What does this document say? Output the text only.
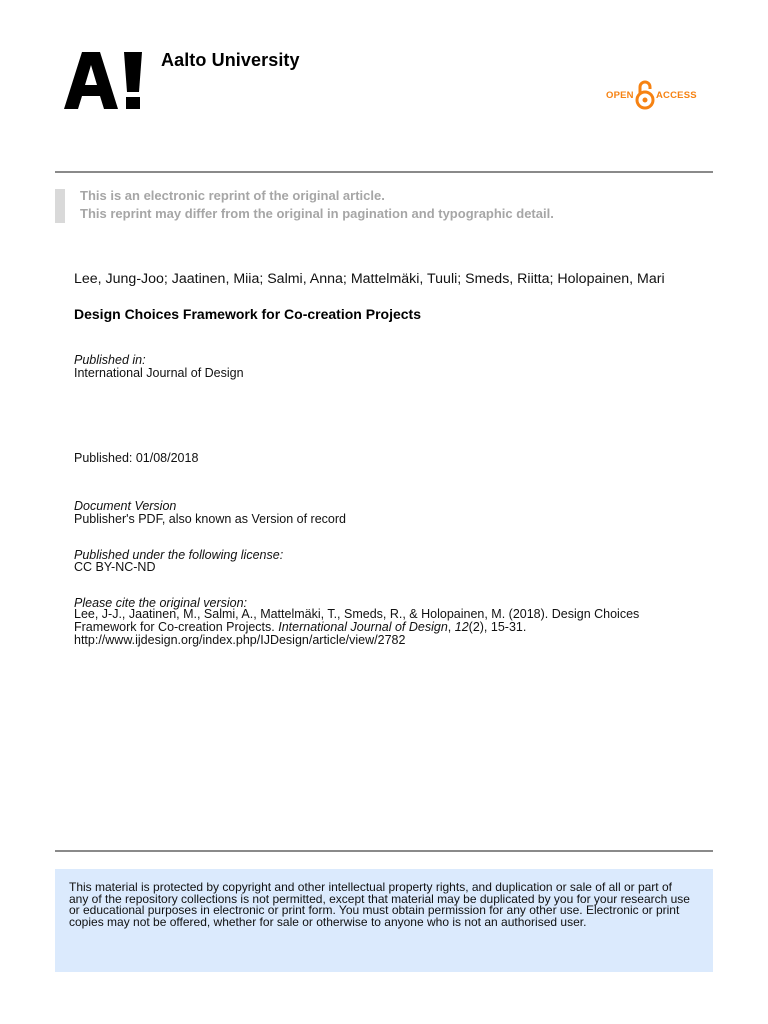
Aalto University
OPEN ACCESS
This is an electronic reprint of the original article.
This reprint may differ from the original in pagination and typographic detail.
Lee, Jung-Joo; Jaatinen, Miia; Salmi, Anna; Mattelmäki, Tuuli; Smeds, Riitta; Holopainen, Mari
Design Choices Framework for Co-creation Projects
Published in:
International Journal of Design
Published: 01/08/2018
Document Version
Publisher's PDF, also known as Version of record
Published under the following license:
CC BY-NC-ND
Please cite the original version:
Lee, J-J., Jaatinen, M., Salmi, A., Mattelmäki, T., Smeds, R., & Holopainen, M. (2018). Design Choices Framework for Co-creation Projects. International Journal of Design, 12(2), 15-31.
http://www.ijdesign.org/index.php/IJDesign/article/view/2782
This material is protected by copyright and other intellectual property rights, and duplication or sale of all or part of any of the repository collections is not permitted, except that material may be duplicated by you for your research use or educational purposes in electronic or print form. You must obtain permission for any other use. Electronic or print copies may not be offered, whether for sale or otherwise to anyone who is not an authorised user.
